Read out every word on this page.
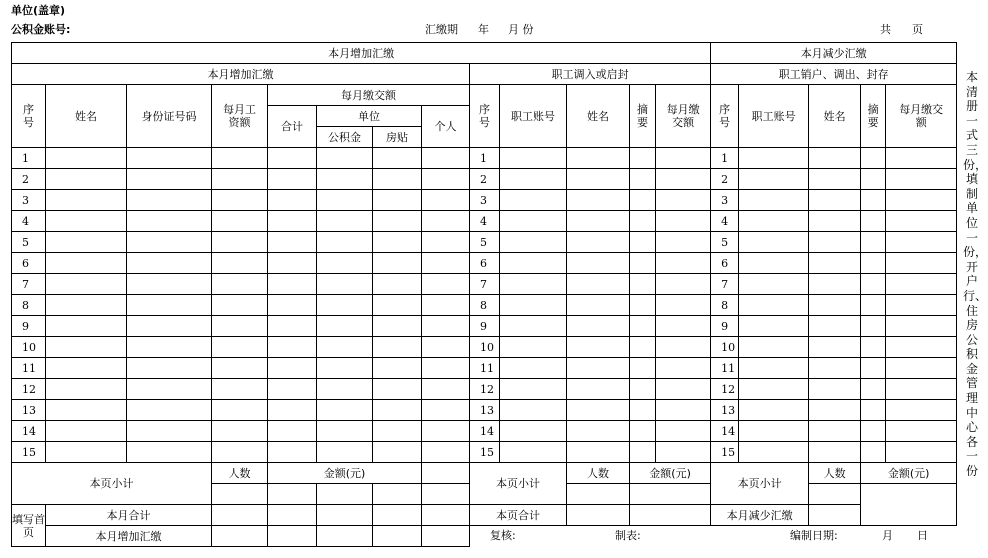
单位(盖章)
公积金账号:	汇缴期 年 月 份	共 页
本月增加汇缴													本月减少汇缴				
本月增加汇缴								职工调入或启封					职工销户、调出、封存				

序号	姓名	身份证号码	每月工资额	每月缴交额				序号	职工账号	姓名	摘要	每月缴交额	序号	职工账号	姓名	摘要	每月缴交额

				合计	单位		个人										
					公积金	房贴											
1								1					1				
2								2					2				
3								3					3				
4								4					4				
5								5					5				
6								6					6				
7								7					7				
8								8					8				
9								9					9				
10								10					10				
11								11					11				
12								12					12				
13								13					13				
14								14					14				
15								15					15				
本页小计			人数	金额(元)				本页小计		人数	金额(元)		本页小计		人数	金额(元)	

填写首页	本月合计							本页合计					本月减少汇缴				
	本月增加汇缴							复核: 制表: 编制日期: 月 日									
本清册一式三份，填制单位一份，开户行、住房公积金管理中心各一份
